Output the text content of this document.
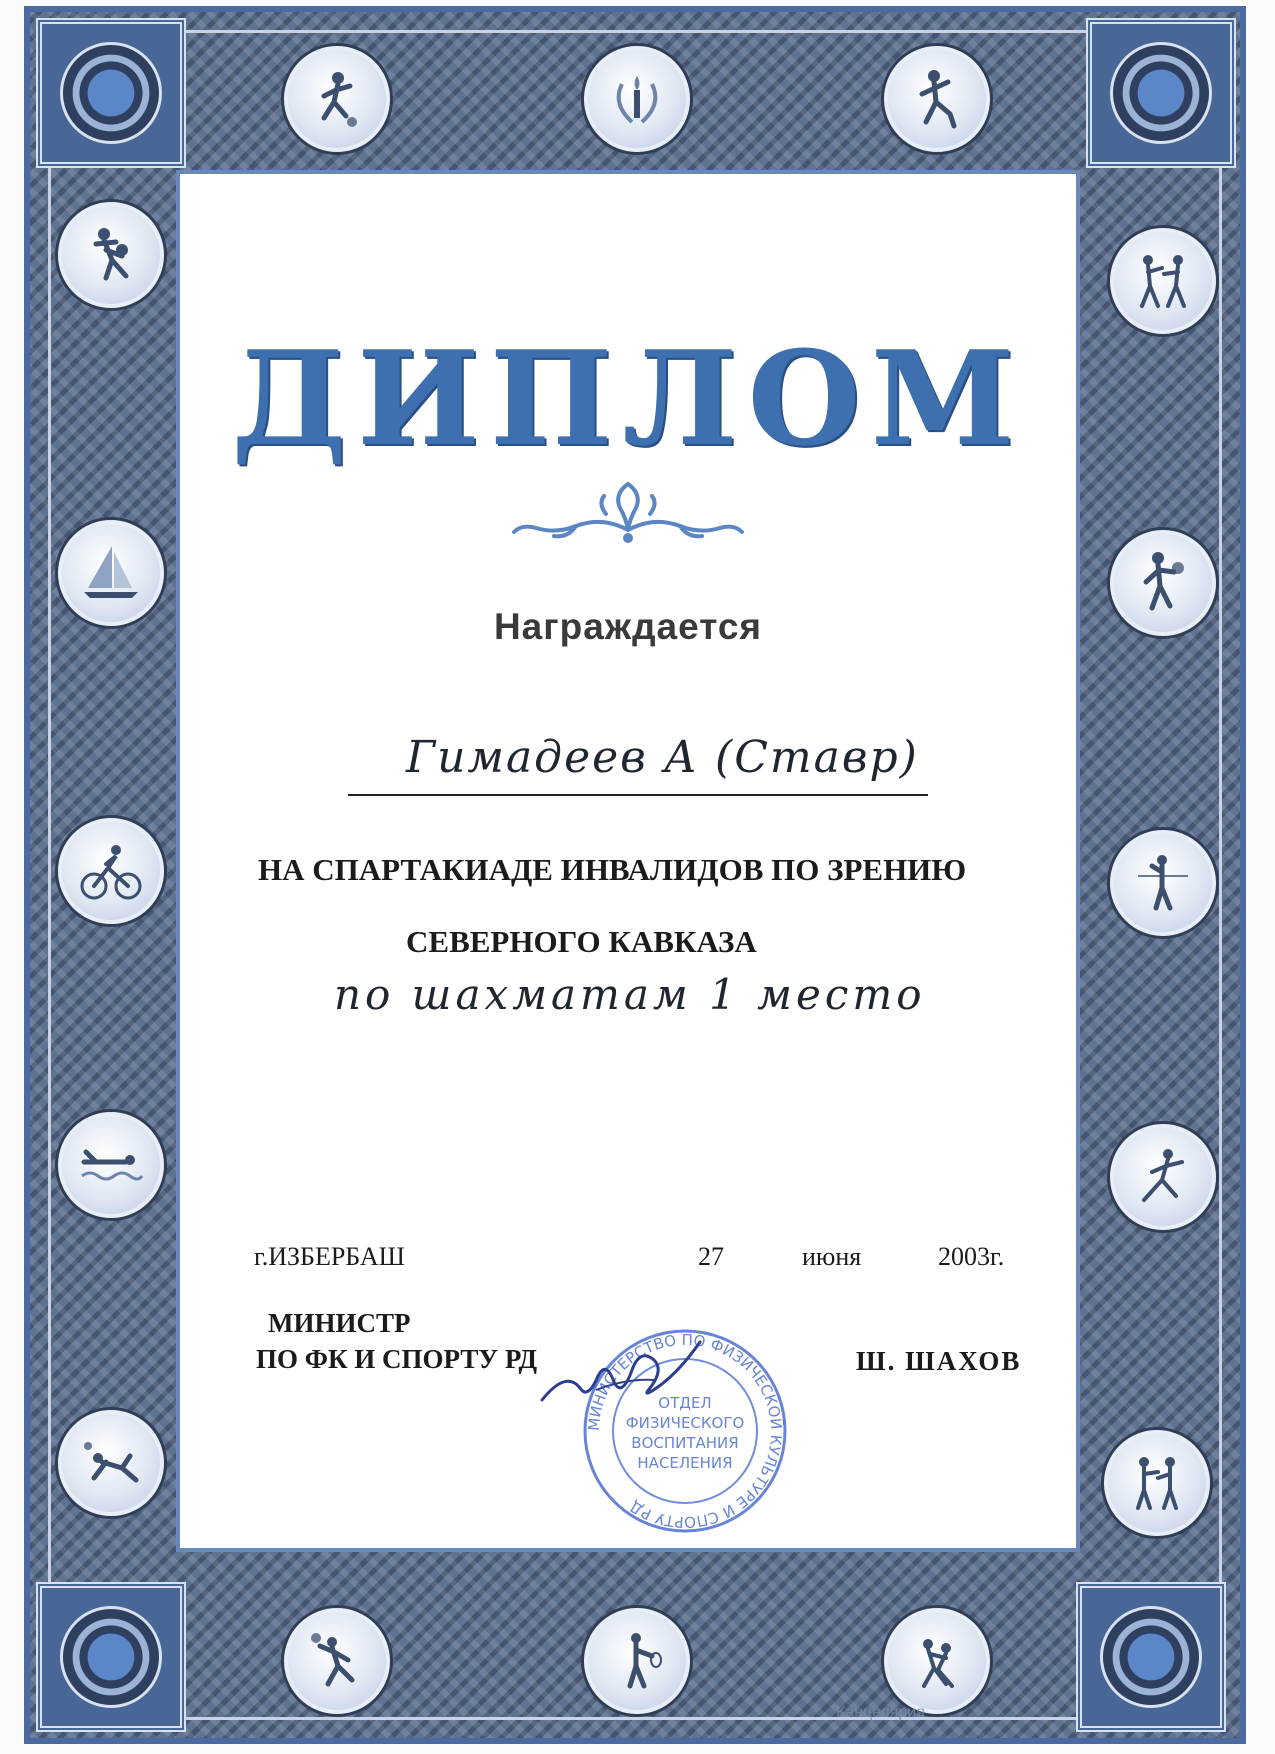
ДИПЛОМ
Награждается
Гимадеев А (Ставр)
НА СПАРТАКИАДЕ ИНВАЛИДОВ ПО ЗРЕНИЮ
СЕВЕРНОГО КАВКАЗА
по шахматам 1 место
г.ИЗБЕРБАШ	27	июня	2003г.
МИНИСТР
ПО ФК И СПОРТУ РД	Ш. ШАХОВ
МИНИСТЕРСТВО ПО ФИЗИЧЕСКОЙ КУЛЬТУРЕ И СПОРТУ РД
ОТДЕЛ
ФИЗИЧЕСКОГО
ВОСПИТАНИЯ
НАСЕЛЕНИЯ
Канцелярия
